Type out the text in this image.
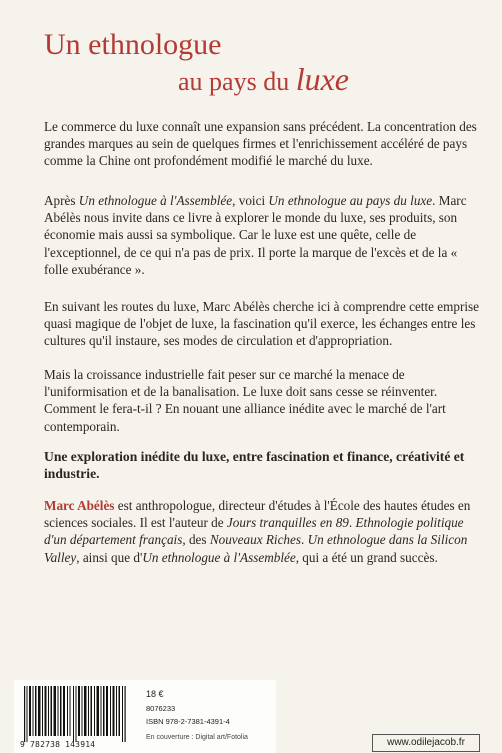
Un ethnologue
au pays du luxe
Le commerce du luxe connaît une expansion sans précédent. La concentration des grandes marques au sein de quelques firmes et l'enrichissement accéléré de pays comme la Chine ont profondément modifié le marché du luxe.
Après Un ethnologue à l'Assemblée, voici Un ethnologue au pays du luxe. Marc Abélès nous invite dans ce livre à explorer le monde du luxe, ses produits, son économie mais aussi sa symbolique. Car le luxe est une quête, celle de l'exceptionnel, de ce qui n'a pas de prix. Il porte la marque de l'excès et de la « folle exubérance ».
En suivant les routes du luxe, Marc Abélès cherche ici à comprendre cette emprise quasi magique de l'objet de luxe, la fascination qu'il exerce, les échanges entre les cultures qu'il instaure, ses modes de circulation et d'appropriation.
Mais la croissance industrielle fait peser sur ce marché la menace de l'uniformisation et de la banalisation. Le luxe doit sans cesse se réinventer. Comment le fera-t-il ? En nouant une alliance inédite avec le marché de l'art contemporain.
Une exploration inédite du luxe, entre fascination et finance, créativité et industrie.
Marc Abélès est anthropologue, directeur d'études à l'École des hautes études en sciences sociales. Il est l'auteur de Jours tranquilles en 89. Ethnologie politique d'un département français, des Nouveaux Riches. Un ethnologue dans la Silicon Valley, ainsi que d'Un ethnologue à l'Assemblée, qui a été un grand succès.
9 782738 143914
18 €
8076233
ISBN 978-2-7381-4391-4
En couverture : Digital art/Fotolia	www.odilejacob.fr
